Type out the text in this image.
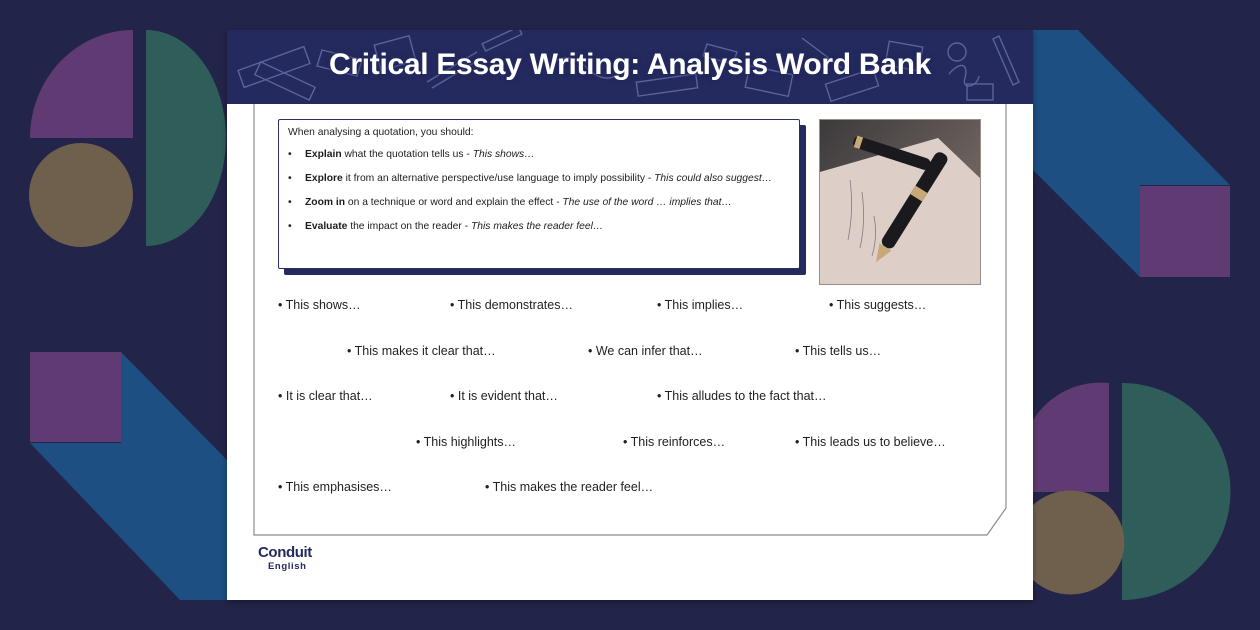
Critical Essay Writing: Analysis Word Bank
When analysing a quotation, you should:
• Explain what the quotation tells us - This shows…
• Explore it from an alternative perspective/use language to imply possibility - This could also suggest…
• Zoom in on a technique or word and explain the effect - The use of the word … implies that…
• Evaluate the impact on the reader - This makes the reader feel…
• This shows…	• This demonstrates…	• This implies…	• This suggests…
• This makes it clear that…	• We can infer that…	• This tells us…
• It is clear that…	• It is evident that…	• This alludes to the fact that…
• This highlights…	• This reinforces…	• This leads us to believe…
• This emphasises…	• This makes the reader feel…
Conduit
English
